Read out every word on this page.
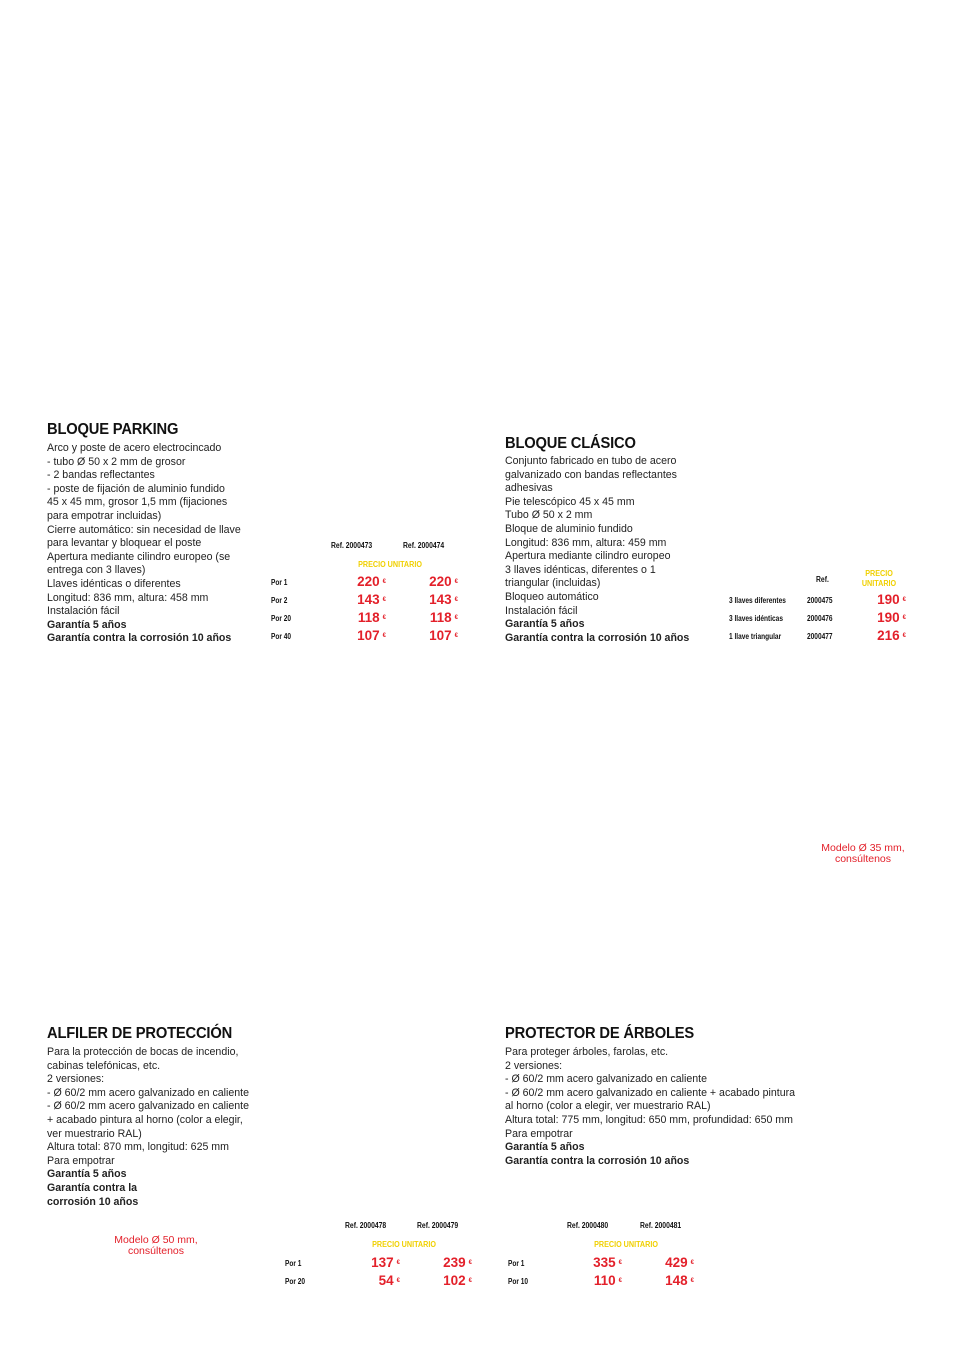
BLOQUE PARKING
Arco y poste de acero electrocincado
- tubo Ø 50 x 2 mm de grosor
- 2 bandas reflectantes
- poste de fijación de aluminio fundido
45 x 45 mm, grosor 1,5 mm (fijaciones
para empotrar incluidas)
Cierre automático: sin necesidad de llave
para levantar y bloquear el poste
Apertura mediante cilindro europeo (se
entrega con 3 llaves)
Llaves idénticas o diferentes
Longitud: 836 mm, altura: 458 mm
Instalación fácil
Garantía 5 años
Garantía contra la corrosión 10 años
Ref. 2000473	Ref. 2000474
PRECIO UNITARIO
Por 1	220 €	220 €
Por 2	143 €	143 €
Por 20	118 €	118 €
Por 40	107 €	107 €
BLOQUE CLÁSICO
Conjunto fabricado en tubo de acero
galvanizado con bandas reflectantes
adhesivas
Pie telescópico 45 x 45 mm
Tubo Ø 50 x 2 mm
Bloque de aluminio fundido
Longitud: 836 mm, altura: 459 mm
Apertura mediante cilindro europeo
3 llaves idénticas, diferentes o 1
triangular (incluidas)
Bloqueo automático
Instalación fácil
Garantía 5 años
Garantía contra la corrosión 10 años
Ref.
PRECIO
UNITARIO
3 llaves diferentes	2000475	190 €
3 llaves idénticas	2000476	190 €
1 llave triangular	2000477	216 €
Modelo Ø 35 mm,
consúltenos
ALFILER DE PROTECCIÓN
Para la protección de bocas de incendio,
cabinas telefónicas, etc.
2 versiones:
- Ø 60/2 mm acero galvanizado en caliente
- Ø 60/2 mm acero galvanizado en caliente
+ acabado pintura al horno (color a elegir,
ver muestrario RAL)
Altura total: 870 mm, longitud: 625 mm
Para empotrar
Garantía 5 años
Garantía contra la
corrosión 10 años
Modelo Ø 50 mm,
consúltenos
Ref. 2000478	Ref. 2000479
PRECIO UNITARIO
Por 1	137 €	239 €
Por 20	54 €	102 €
PROTECTOR DE ÁRBOLES
Para proteger árboles, farolas, etc.
2 versiones:
- Ø 60/2 mm acero galvanizado en caliente
- Ø 60/2 mm acero galvanizado en caliente + acabado pintura
al horno (color a elegir, ver muestrario RAL)
Altura total: 775 mm, longitud: 650 mm, profundidad: 650 mm
Para empotrar
Garantía 5 años
Garantía contra la corrosión 10 años
Ref. 2000480	Ref. 2000481
PRECIO UNITARIO
Por 1	335 €	429 €
Por 10	110 €	148 €
